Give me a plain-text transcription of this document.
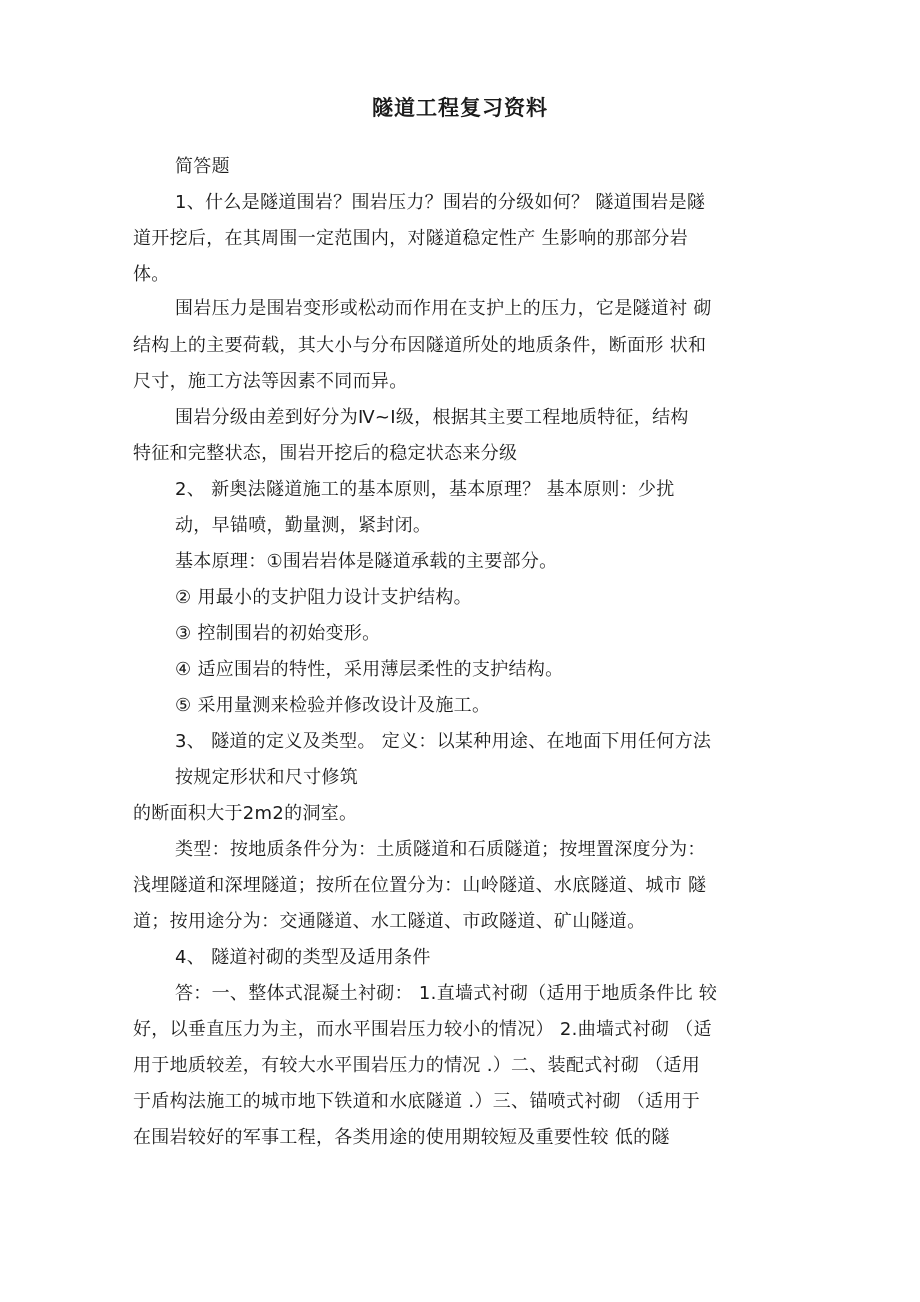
隧道工程复习资料
简答题
1、什么是隧道围岩？围岩压力？围岩的分级如何？ 隧道围岩是隧
道开挖后，在其周围一定范围内，对隧道稳定性产 生影响的那部分岩
体。
围岩压力是围岩变形或松动而作用在支护上的压力，它是隧道衬 砌
结构上的主要荷载，其大小与分布因隧道所处的地质条件，断面形 状和
尺寸，施工方法等因素不同而异。
围岩分级由差到好分为Ⅳ~Ⅰ级，根据其主要工程地质特征，结构
特征和完整状态，围岩开挖后的稳定状态来分级
2、 新奥法隧道施工的基本原则，基本原理？ 基本原则：少扰
动，早锚喷，勤量测，紧封闭。
基本原理：①围岩岩体是隧道承载的主要部分。
② 用最小的支护阻力设计支护结构。
③ 控制围岩的初始变形。
④ 适应围岩的特性，采用薄层柔性的支护结构。
⑤ 采用量测来检验并修改设计及施工。
3、 隧道的定义及类型。 定义：以某种用途、在地面下用任何方法
按规定形状和尺寸修筑
的断面积大于2m2的洞室。
类型：按地质条件分为：土质隧道和石质隧道；按埋置深度分为：
浅埋隧道和深埋隧道；按所在位置分为：山岭隧道、水底隧道、城市 隧
道；按用途分为：交通隧道、水工隧道、市政隧道、矿山隧道。
4、 隧道衬砌的类型及适用条件
答：一、整体式混凝土衬砌： 1.直墙式衬砌（适用于地质条件比 较
好，以垂直压力为主，而水平围岩压力较小的情况） 2.曲墙式衬砌 （适
用于地质较差，有较大水平围岩压力的情况 .）二、装配式衬砌 （适用
于盾构法施工的城市地下铁道和水底隧道 .）三、锚喷式衬砌 （适用于
在围岩较好的军事工程，各类用途的使用期较短及重要性较 低的隧
